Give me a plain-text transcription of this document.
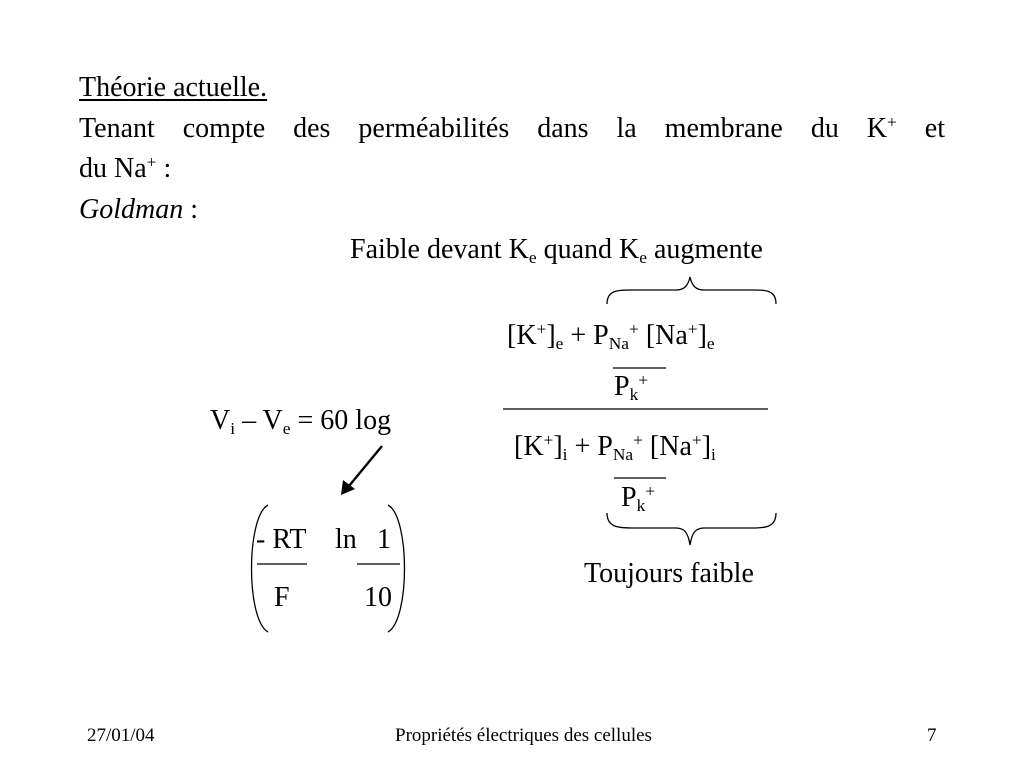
Théorie actuelle.
Tenant compte des perméabilités dans la membrane du K+ et
du Na+ :
Goldman :
Faible devant $K_e$ quand $K_e$ augmente
$[K^+]_e + P_{Na}^+$ $[Na^+]_e$
$P_k^+$
$V_i - V_e = 60$ log
$[K^+]_i + P_{Na}^+$ $[Na^+]_i$
$P_k^+$
- RT ln 1
F	10
Toujours faible
27/01/04	Propriétés électriques des cellules	7
